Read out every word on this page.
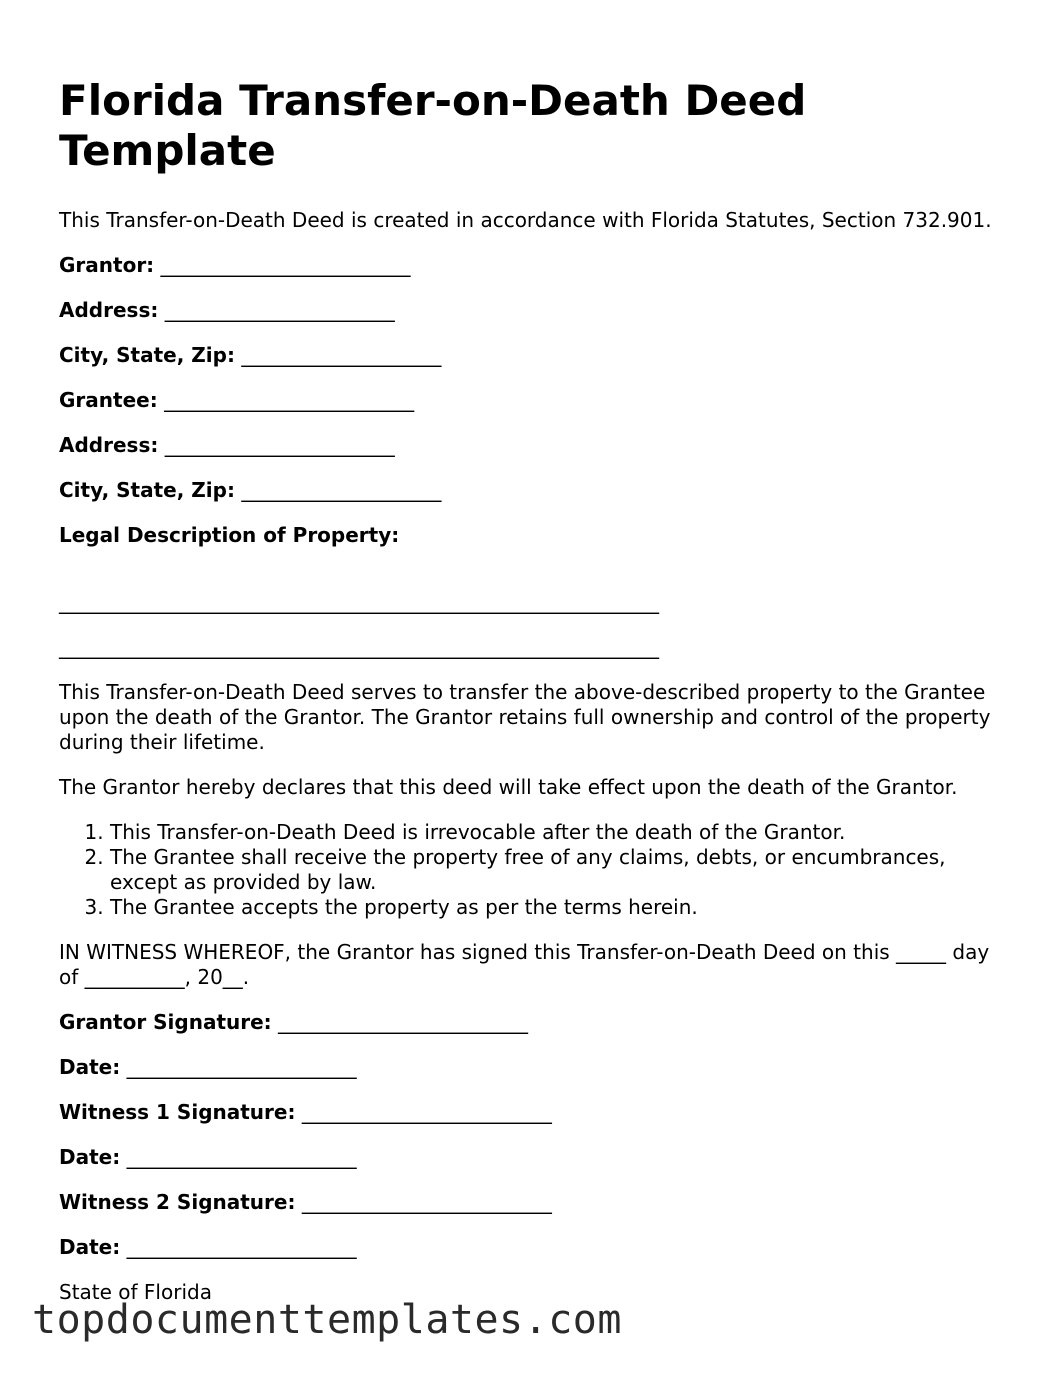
Florida Transfer-on-Death Deed Template

This Transfer-on-Death Deed is created in accordance with Florida Statutes, Section 732.901.

Grantor: _________________________
Address: _______________________
City, State, Zip: ____________________
Grantee: _________________________
Address: _______________________
City, State, Zip: ____________________
Legal Description of Property:
____________________________________________________________
____________________________________________________________

This Transfer-on-Death Deed serves to transfer the above-described property to the Grantee upon the death of the Grantor. The Grantor retains full ownership and control of the property during their lifetime.

The Grantor hereby declares that this deed will take effect upon the death of the Grantor.

1. This Transfer-on-Death Deed is irrevocable after the death of the Grantor.
2. The Grantee shall receive the property free of any claims, debts, or encumbrances, except as provided by law.
3. The Grantee accepts the property as per the terms herein.

IN WITNESS WHEREOF, the Grantor has signed this Transfer-on-Death Deed on this _____ day of __________, 20__.

Grantor Signature: _________________________
Date: _______________________
Witness 1 Signature: _________________________
Date: _______________________
Witness 2 Signature: _________________________
Date: _______________________
State of Florida
topdocumenttemplates.com
